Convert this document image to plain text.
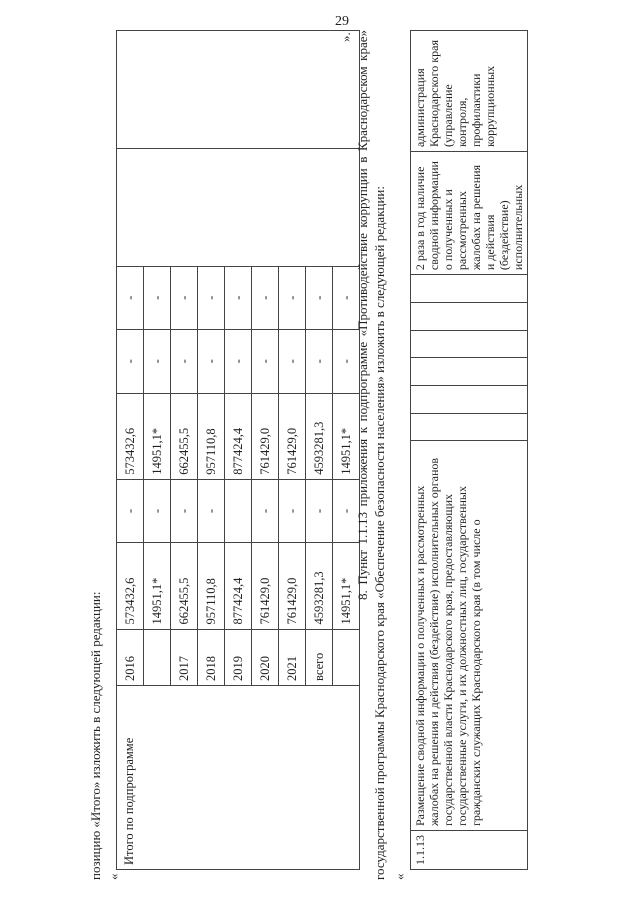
29
позицию «Итого» изложить в следующей редакции: «
Итого по подпрограмме	2016	573432,6	-	573432,6	-	-		
		14951,1*	-	14951,1*	-	-		
	2017	662455,5	-	662455,5	-	-		
	2018	957110,8	-	957110,8	-	-		
	2019	877424,4		877424,4	-	-		
	2020	761429,0	-	761429,0	-	-		
	2021	761429,0	-	761429,0	-	-		
	всего	4593281,3	-	4593281,3	-	-		
		14951,1*	-	14951,1*	-	-		
». 8. Пункт 1.1.13 приложения к подпрограмме «Противодействие коррупции в Краснодарском крае» государственной программы Краснодарского края «Обеспечение безопасности населения» изложить в следующей редакции: «
1.1.13	Размещение сводной информации о полученных и рассмотренных жалобах на решения и действия (бездействие) исполнительных органов государственной власти Краснодарского края, предоставляющих государственные услуги, и их должностных лиц, государственных гражданских служащих Краснодарского края (в том числе о							2 раза в год наличие сводной информации о полученных и рассмотренных жалобах на решения и действия (бездействие) исполнительных	администрация Краснодарского края (управление контроля, профилактики коррупционных
